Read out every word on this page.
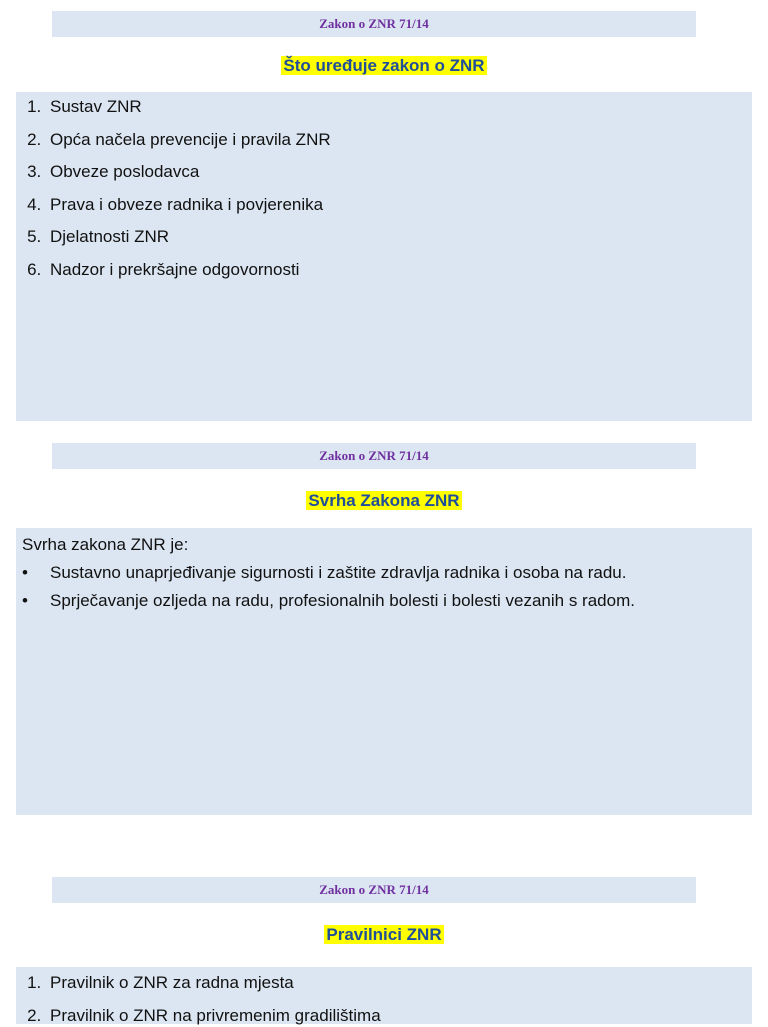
Zakon o ZNR 71/14
Što uređuje zakon o ZNR
1. Sustav ZNR
2. Opća načela prevencije i pravila ZNR
3. Obveze poslodavca
4. Prava i obveze radnika i povjerenika
5. Djelatnosti ZNR
6. Nadzor i prekršajne odgovornosti
Zakon o ZNR 71/14
Svrha Zakona ZNR
Svrha zakona ZNR je:
• Sustavno unaprjeđivanje sigurnosti i zaštite zdravlja radnika i osoba na radu.
• Sprječavanje ozljeda na radu, profesionalnih bolesti i bolesti vezanih s radom.
Zakon o ZNR 71/14
Pravilnici ZNR
1. Pravilnik o ZNR za radna mjesta
2. Pravilnik o ZNR na privremenim gradilištima
